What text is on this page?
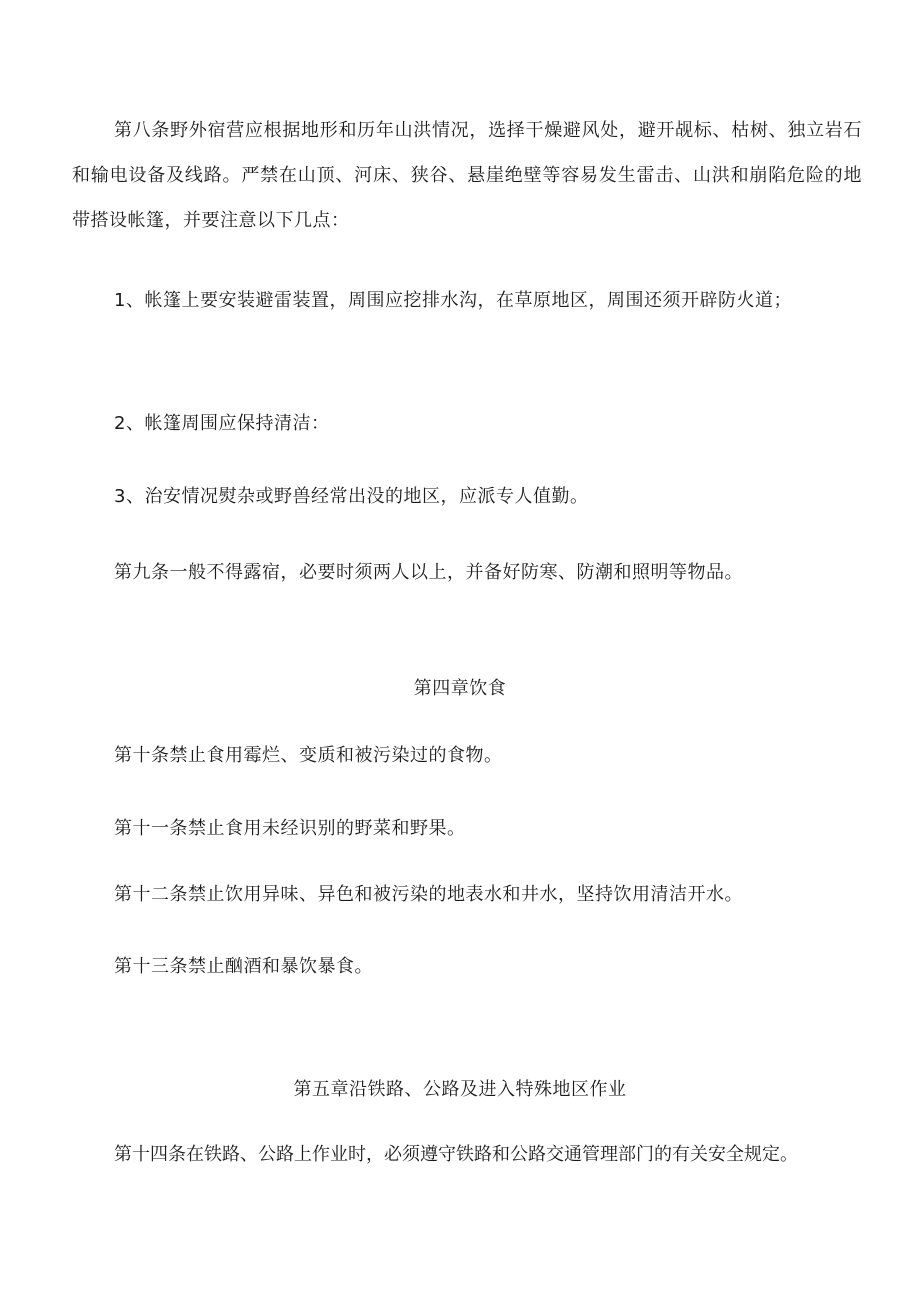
第八条野外宿营应根据地形和历年山洪情况，选择干燥避风处，避开觇标、枯树、独立岩石和输电设备及线路。严禁在山顶、河床、狭谷、悬崖绝壁等容易发生雷击、山洪和崩陷危险的地带搭设帐篷，并要注意以下几点：

1、帐篷上要安装避雷装置，周围应挖排水沟，在草原地区，周围还须开辟防火道；

2、帐篷周围应保持清洁：

3、治安情况熨杂或野兽经常出没的地区，应派专人值勤。

第九条一般不得露宿，必要时须两人以上，并备好防寒、防潮和照明等物品。

第四章饮食

第十条禁止食用霉烂、变质和被污染过的食物。

第十一条禁止食用未经识别的野菜和野果。

第十二条禁止饮用异味、异色和被污染的地表水和井水，坚持饮用清洁开水。

第十三条禁止酗酒和暴饮暴食。

第五章沿铁路、公路及进入特殊地区作业

第十四条在铁路、公路上作业时，必须遵守铁路和公路交通管理部门的有关安全规定。
